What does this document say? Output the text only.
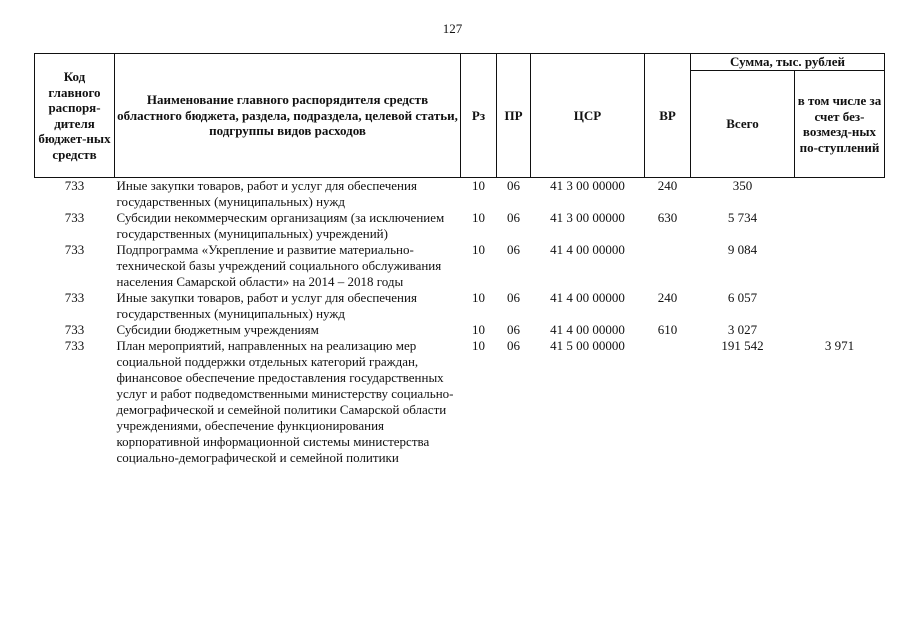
127
Код главного распоря-дителя бюджет-ных средств	Наименование главного распорядителя средств областного бюджета, раздела, подраздела, целевой статьи, подгруппы видов расходов	Рз	ПР	ЦСР	ВР	Сумма, тыс. рублей	
						Всего	в том числе за счет без-возмезд-ных по-ступлений
733	Иные закупки товаров, работ и услуг для обеспечения государственных (муниципальных) нужд	10	06	41 3 00 00000	240	350	
733	Субсидии некоммерческим организациям (за исключением государственных (муниципальных) учреждений)	10	06	41 3 00 00000	630	5 734	
733	Подпрограмма «Укрепление и развитие материально-технической базы учреждений социального обслуживания населения Самарской области» на 2014 – 2018 годы	10	06	41 4 00 00000		9 084	
733	Иные закупки товаров, работ и услуг для обеспечения государственных (муниципальных) нужд	10	06	41 4 00 00000	240	6 057	
733	Субсидии бюджетным учреждениям	10	06	41 4 00 00000	610	3 027	
733	План мероприятий, направленных на реализацию мер социальной поддержки отдельных категорий граждан, финансовое обеспечение предоставления государственных услуг и работ подведомственными министерству социально-демографической и семейной политики Самарской области учреждениями, обеспечение функционирования корпоративной информационной системы министерства социально-демографической и семейной политики	10	06	41 5 00 00000		191 542	3 971
